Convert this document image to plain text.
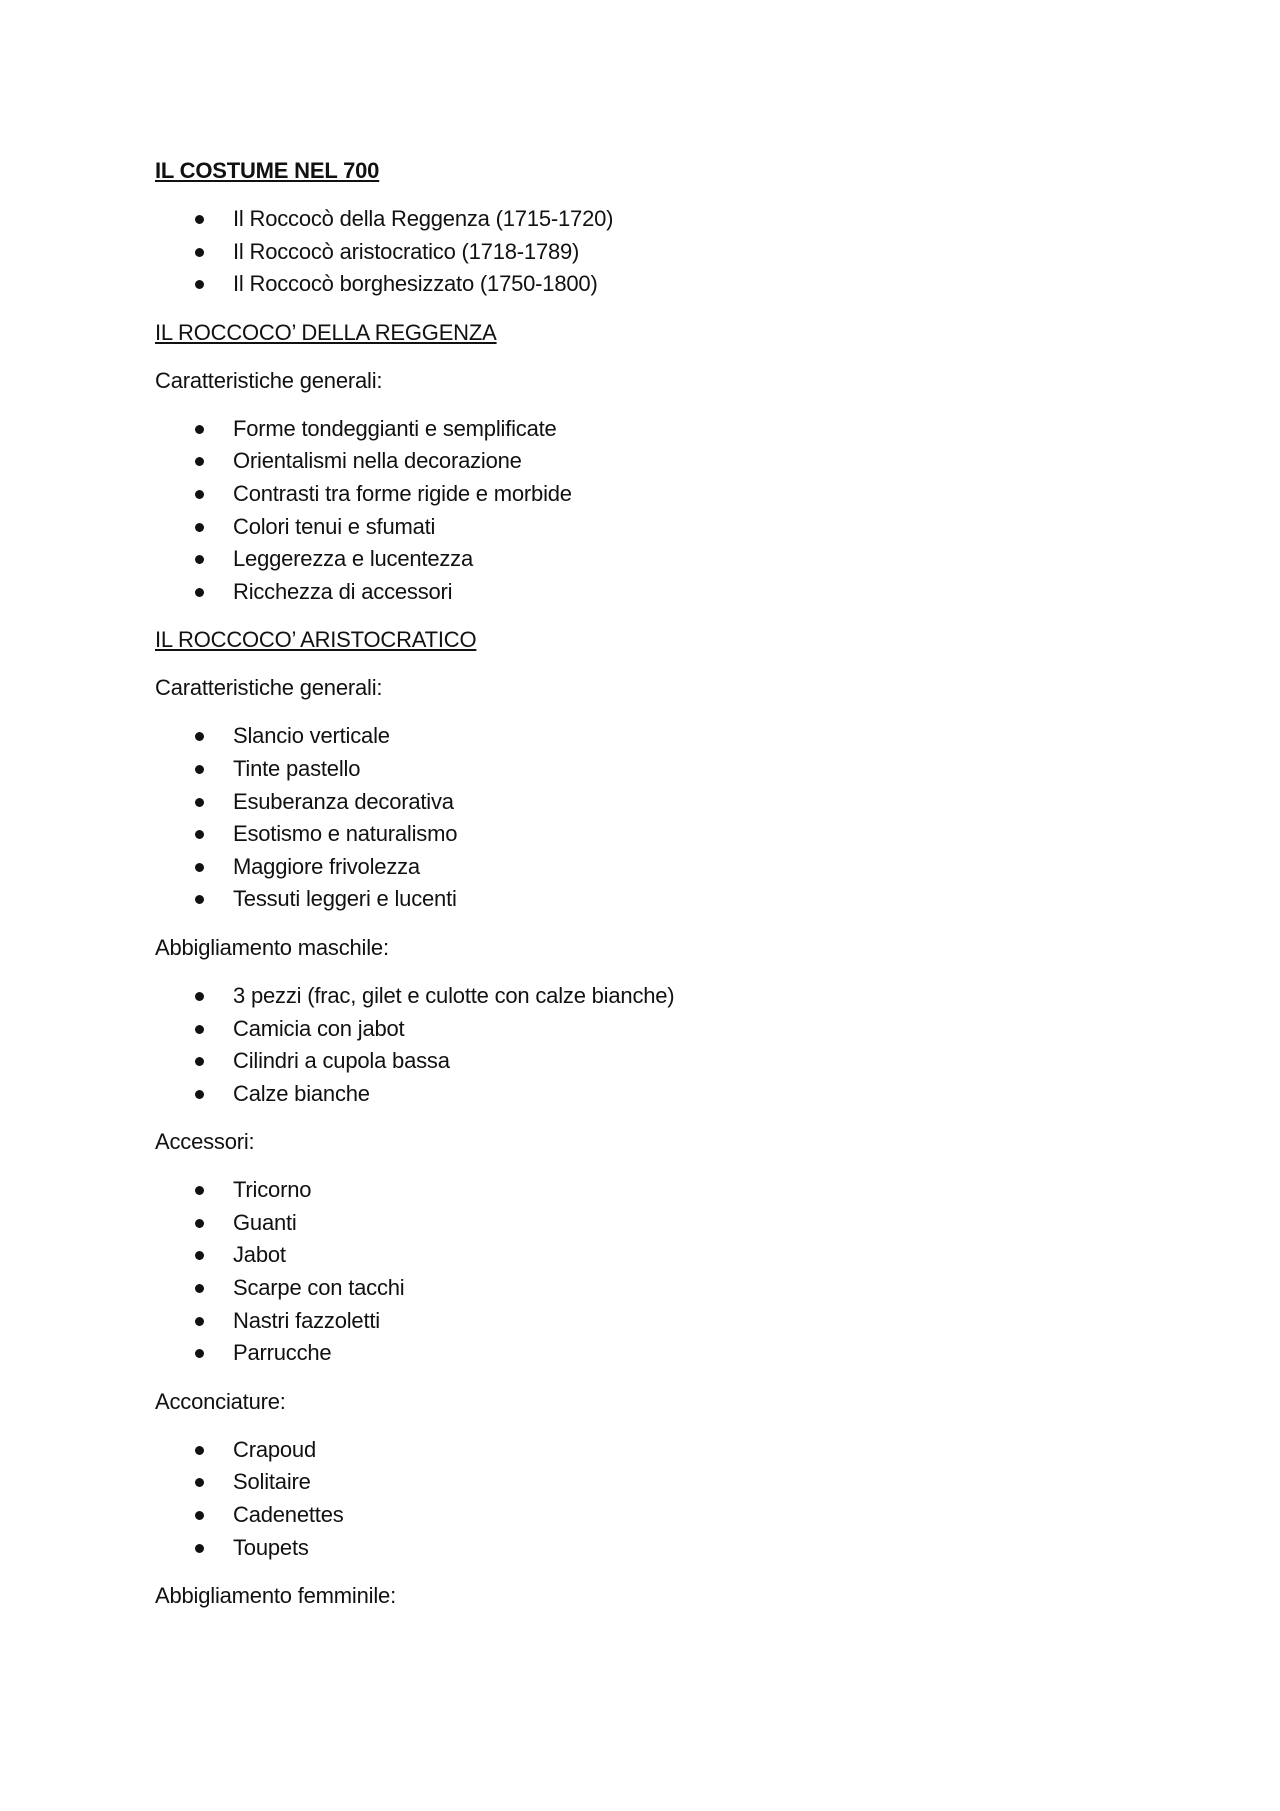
IL COSTUME NEL 700
Il Roccocò della Reggenza (1715-1720)
Il Roccocò aristocratico (1718-1789)
Il Roccocò borghesizzato (1750-1800)
IL ROCCOCO’ DELLA REGGENZA
Caratteristiche generali:
Forme tondeggianti e semplificate
Orientalismi nella decorazione
Contrasti tra forme rigide e morbide
Colori tenui e sfumati
Leggerezza e lucentezza
Ricchezza di accessori
IL ROCCOCO’ ARISTOCRATICO
Caratteristiche generali:
Slancio verticale
Tinte pastello
Esuberanza decorativa
Esotismo e naturalismo
Maggiore frivolezza
Tessuti leggeri e lucenti
Abbigliamento maschile:
3 pezzi (frac, gilet e culotte con calze bianche)
Camicia con jabot
Cilindri a cupola bassa
Calze bianche
Accessori:
Tricorno
Guanti
Jabot
Scarpe con tacchi
Nastri fazzoletti
Parrucche
Acconciature:
Crapoud
Solitaire
Cadenettes
Toupets
Abbigliamento femminile:
